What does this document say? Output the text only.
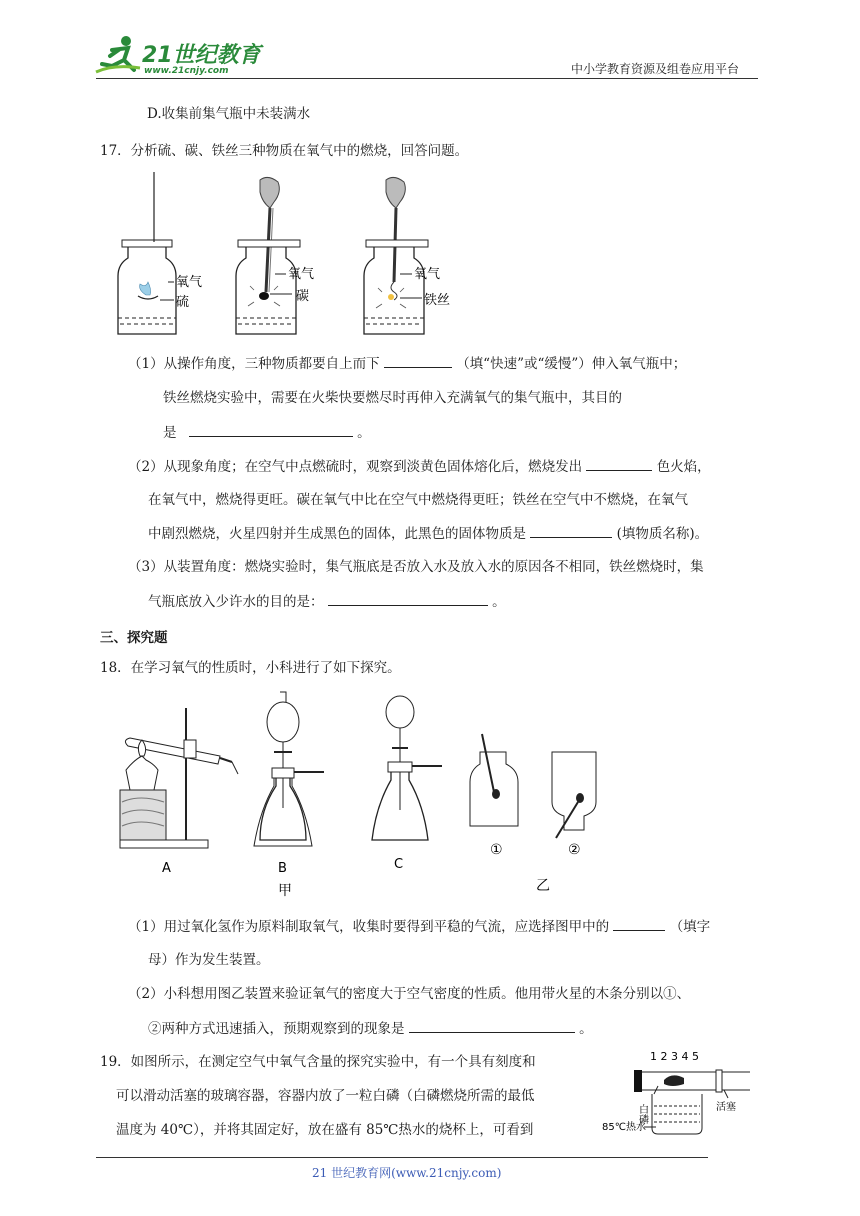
21世纪教育
www.21cnjy.com	中小学教育资源及组卷应用平台
D.收集前集气瓶中未装满水
17．分析硫、碳、铁丝三种物质在氧气中的燃烧，回答问题。
氧气
硫
氧气
碳
氧气
铁丝
（1）从操作角度，三种物质都要自上而下	（填“快速”或“缓慢”）伸入氧气瓶中；
铁丝燃烧实验中，需要在火柴快要燃尽时再伸入充满氧气的集气瓶中，其目的
是	。
（2）从现象角度；在空气中点燃硫时，观察到淡黄色固体熔化后，燃烧发出	色火焰，
在氧气中，燃烧得更旺。碳在氧气中比在空气中燃烧得更旺；铁丝在空气中不燃烧，在氧气
中剧烈燃烧，火星四射并生成黑色的固体，此黑色的固体物质是	(填物质名称)。
（3）从装置角度：燃烧实验时，集气瓶底是否放入水及放入水的原因各不相同，铁丝燃烧时，集
气瓶底放入少许水的目的是：	。
三、探究题
18．在学习氧气的性质时，小科进行了如下探究。
A	B
甲
C
①	②
乙
（1）用过氧化氢作为原料制取氧气，收集时要得到平稳的气流，应选择图甲中的	（填字
母）作为发生装置。
（2）小科想用图乙装置来验证氧气的密度大于空气密度的性质。他用带火星的木条分别以①、
②两种方式迅速插入，预期观察到的现象是	。
19．如图所示，在测定空气中氧气含量的探究实验中，有一个具有刻度和
可以滑动活塞的玻璃容器，容器内放了一粒白磷（白磷燃烧所需的最低
温度为 40℃），并将其固定好，放在盛有 85℃热水的烧杯上，可看到
1 2 3 4 5
白磷	活塞
85℃热水
21 世纪教育网(www.21cnjy.com)
